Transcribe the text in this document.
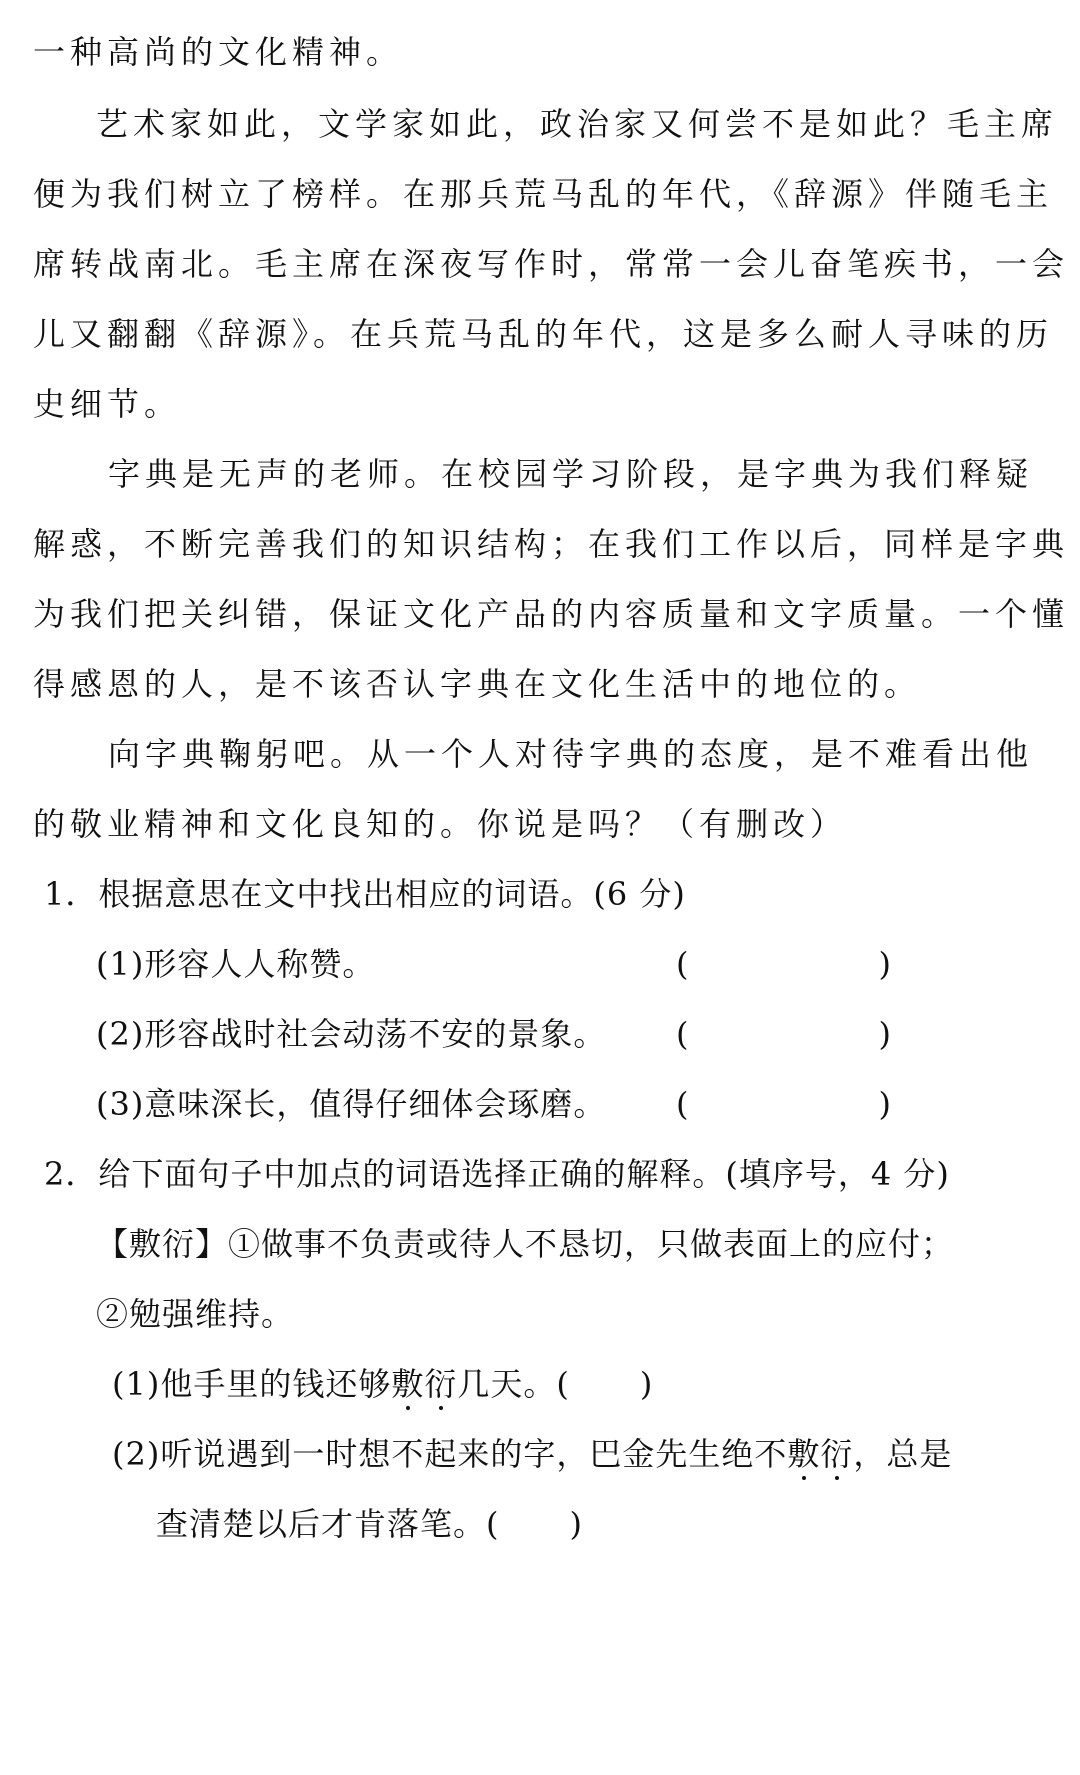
一种高尚的文化精神。
艺术家如此，文学家如此，政治家又何尝不是如此？毛主席
便为我们树立了榜样。在那兵荒马乱的年代，《辞源》伴随毛主
席转战南北。毛主席在深夜写作时，常常一会儿奋笔疾书，一会
儿又翻翻《辞源》。在兵荒马乱的年代，这是多么耐人寻味的历
史细节。
字典是无声的老师。在校园学习阶段，是字典为我们释疑
解惑，不断完善我们的知识结构；在我们工作以后，同样是字典
为我们把关纠错，保证文化产品的内容质量和文字质量。一个懂
得感恩的人，是不该否认字典在文化生活中的地位的。
向字典鞠躬吧。从一个人对待字典的态度，是不难看出他
的敬业精神和文化良知的。你说是吗？（有删改）
1．根据意思在文中找出相应的词语。(6 分)
(1)形容人人称赞。	(	)
(2)形容战时社会动荡不安的景象。 (	)
(3)意味深长，值得仔细体会琢磨。 (	)
2．给下面句子中加点的词语选择正确的解释。(填序号，4 分)
【敷衍】①做事不负责或待人不恳切，只做表面上的应付；
②勉强维持。
(1)他手里的钱还够敷衍几天。( )
(2)听说遇到一时想不起来的字，巴金先生绝不敷衍，总是
查清楚以后才肯落笔。( )
